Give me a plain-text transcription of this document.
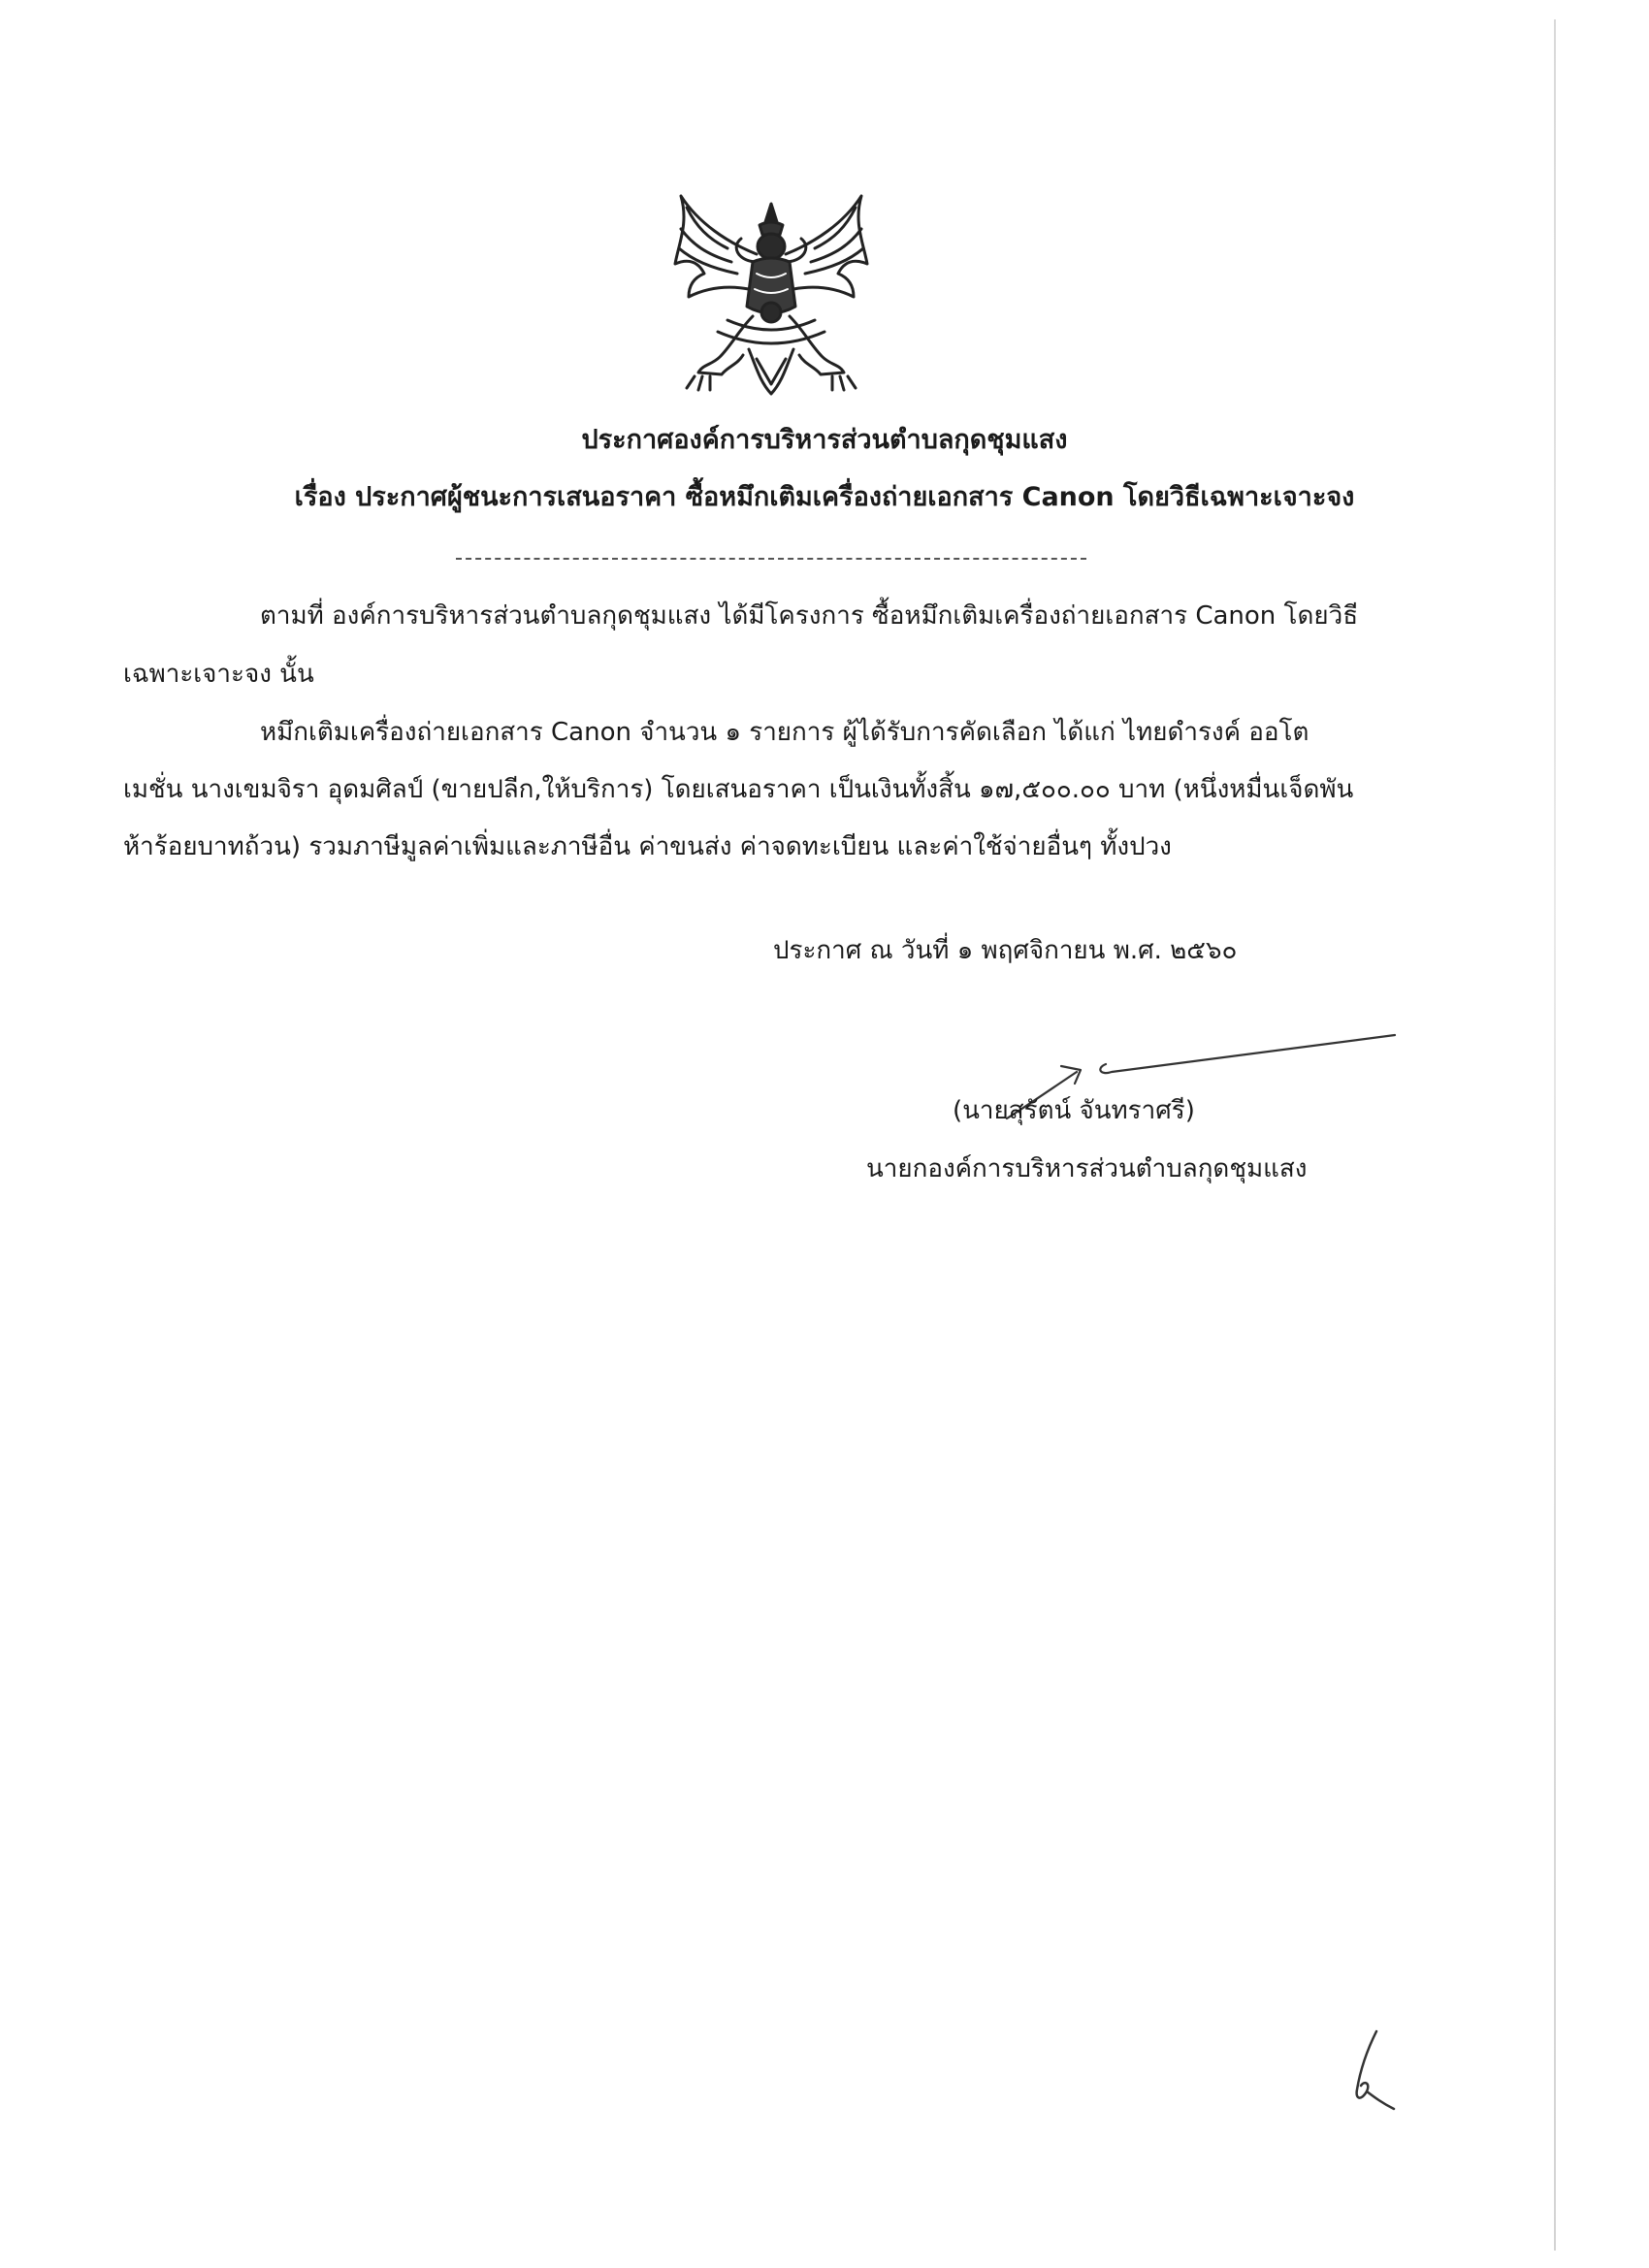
ประกาศองค์การบริหารส่วนตำบลกุดชุมแสง
เรื่อง ประกาศผู้ชนะการเสนอราคา ซื้อหมึกเติมเครื่องถ่ายเอกสาร Canon โดยวิธีเฉพาะเจาะจง
ตามที่ องค์การบริหารส่วนตำบลกุดชุมแสง ได้มีโครงการ ซื้อหมึกเติมเครื่องถ่ายเอกสาร Canon โดยวิธี
เฉพาะเจาะจง นั้น
หมึกเติมเครื่องถ่ายเอกสาร Canon จำนวน ๑ รายการ ผู้ได้รับการคัดเลือก ได้แก่ ไทยดำรงค์ ออโต
เมชั่น นางเขมจิรา อุดมศิลป์ (ขายปลีก,ให้บริการ) โดยเสนอราคา เป็นเงินทั้งสิ้น ๑๗,๕๐๐.๐๐ บาท (หนึ่งหมื่นเจ็ดพัน
ห้าร้อยบาทถ้วน) รวมภาษีมูลค่าเพิ่มและภาษีอื่น ค่าขนส่ง ค่าจดทะเบียน และค่าใช้จ่ายอื่นๆ ทั้งปวง
ประกาศ ณ วันที่ ๑ พฤศจิกายน พ.ศ. ๒๕๖๐
(นายสุรัตน์ จันทราศรี)
นายกองค์การบริหารส่วนตำบลกุดชุมแสง
